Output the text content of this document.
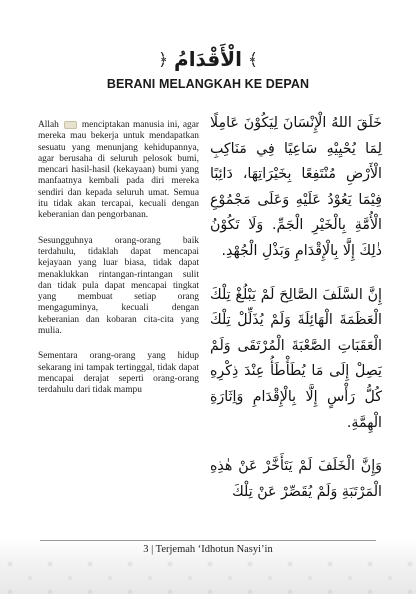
﴿ الْأَقْدَامُ ﴾
BERANI MELANGKAH KE DEPAN

Allah menciptakan manusia ini, agar mereka mau bekerja untuk mendapatkan sesuatu yang menunjang kehidupannya, agar berusaha di seluruh pelosok bumi, mencari hasil-hasil (kekayaan) bumi yang manfaatnya kembali pada diri mereka sendiri dan kepada seluruh umat. Semua itu tidak akan tercapai, kecuali dengan keberanian dan pengorbanan.

Sesungguhnya orang-orang baik terdahulu, tidaklah dapat mencapai kejayaan yang luar biasa, tidak dapat menaklukkan rintangan-rintangan sulit dan tidak pula dapat mencapai tingkat yang membuat setiap orang mengaguminya, kecuali dengan keberanian dan kobaran cita-cita yang mulia.

Sementara orang-orang yang hidup sekarang ini tampak tertinggal, tidak dapat mencapai derajat seperti orang-orang terdahulu dari tidak mampu

خَلَقَ اللهُ الْإِنْسَانَ لِيَكُوْنَ عَامِلًا لِمَا يُحْيِيْهِ سَاعِيًا فِي مَنَاكِبِ الْأَرْضِ مُنْتَفِعًا بِخَيْرَاتِهَا، دَائِبًا فِيْمَا يَعُوْدُ عَلَيْهِ وَعَلَى مَجْمُوْعِ الْأُمَّةِ بِالْخَيْرِ الْجَمِّ. وَلَا تَكُوْنُ ذٰلِكَ إِلَّا بِالْإِقْدَامِ وَبَذْلِ الْجُهْدِ.

إِنَّ السَّلَفَ الصَّالِحَ لَمْ يَبْلُغْ تِلْكَ الْعَظَمَةَ الْهَائِلَةَ وَلَمْ يُذَلِّلْ تِلْكَ الْعَقَبَاتِ الصَّعْبَةَ الْمُرْتَقَى وَلَمْ يَصِلْ إِلَى مَا يُطَأْطَأُ عِنْدَ ذِكْرِهِ كُلُّ رَأْسٍ إِلَّا بِالْإِقْدَامِ وَاِثَارَةِ الْهِمَّةِ.

وَإِنَّ الْخَلَفَ لَمْ يَتَأَخَّرْ عَنْ هٰذِهِ الْمَرْتَبَةِ وَلَمْ يُقَصِّرْ عَنْ تِلْكَ

3 | Terjemah ‘Idhotun Nasyi’in
